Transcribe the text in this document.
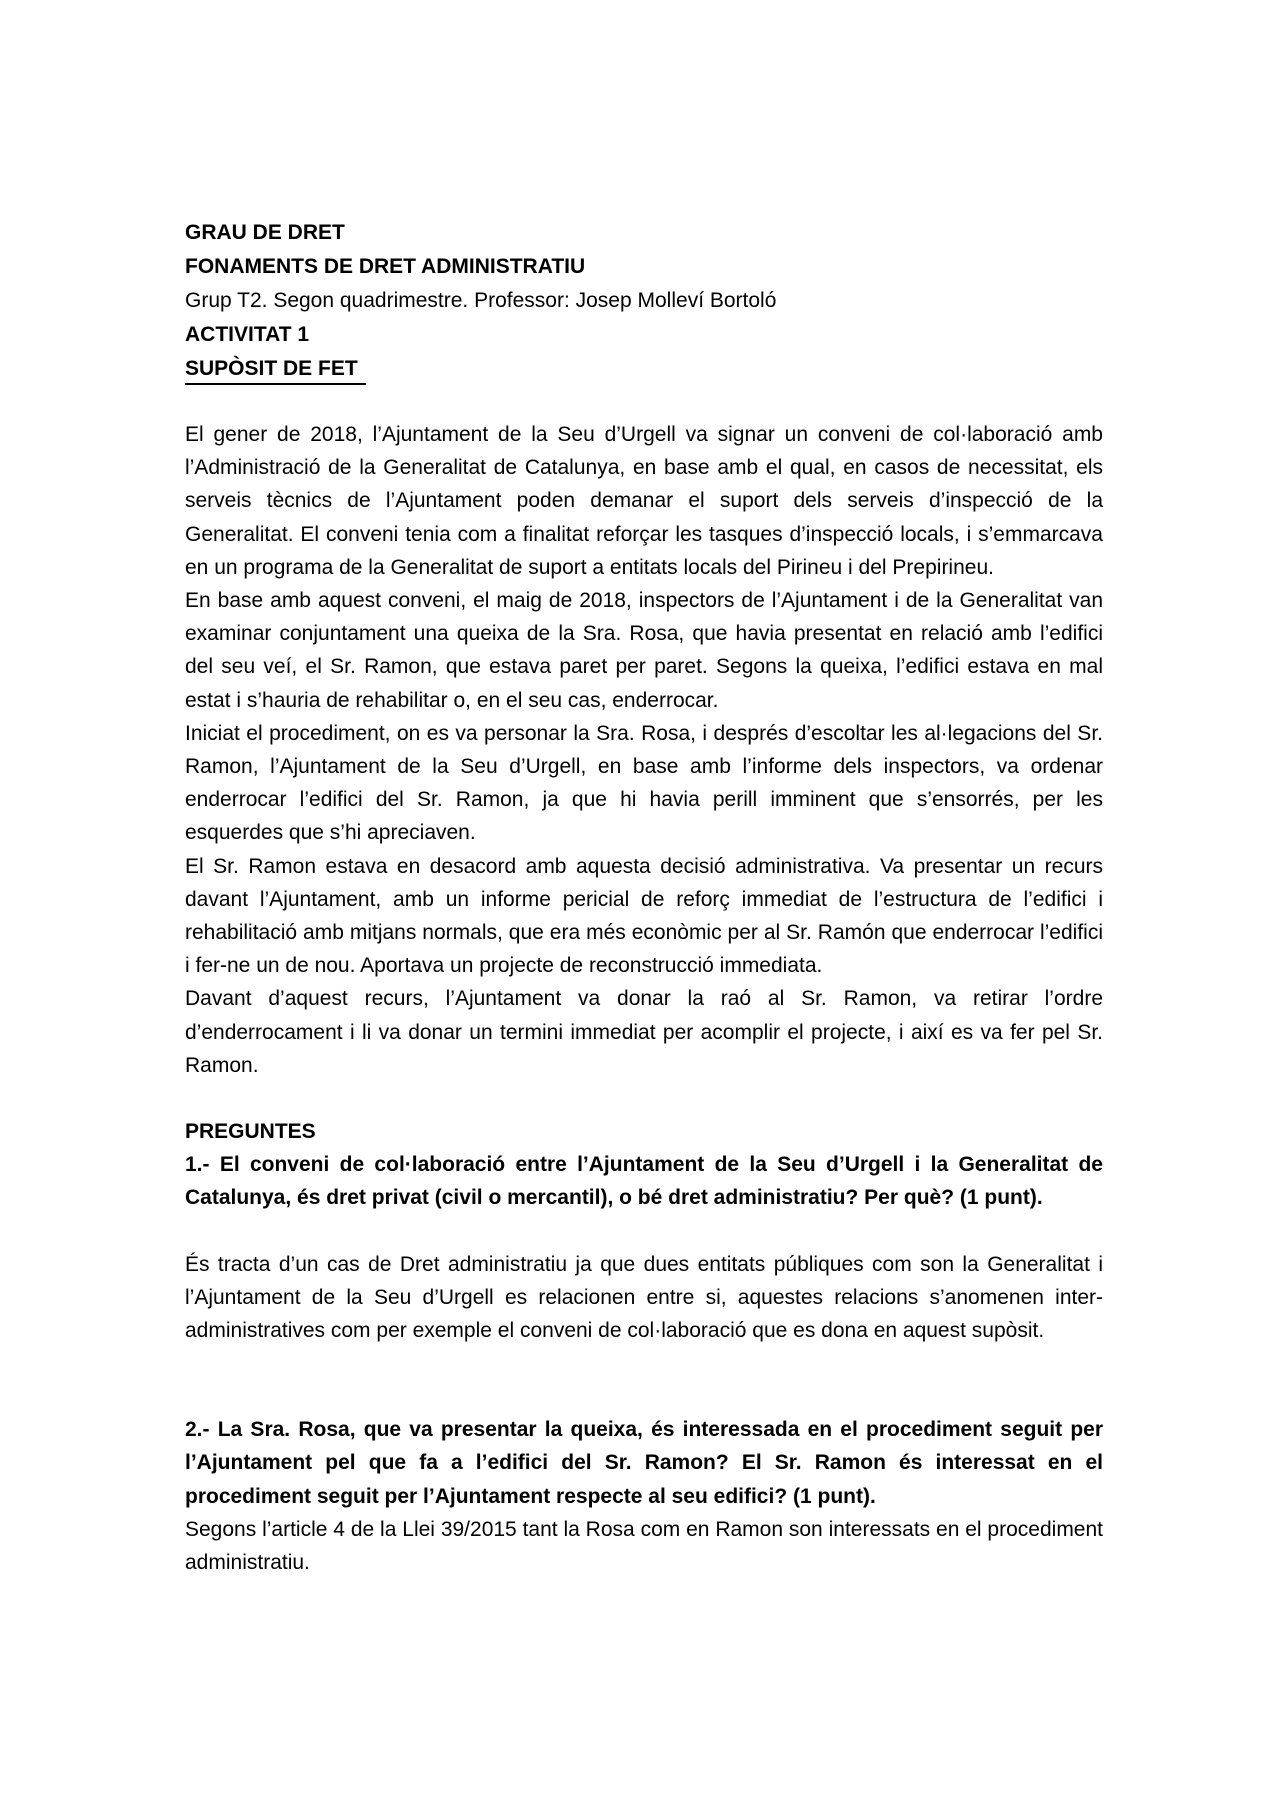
GRAU DE DRET
FONAMENTS DE DRET ADMINISTRATIU
Grup T2. Segon quadrimestre. Professor: Josep Molleví Bortoló
ACTIVITAT 1
SUPÒSIT DE FET

El gener de 2018, l’Ajuntament de la Seu d’Urgell va signar un conveni de col·laboració amb l’Administració de la Generalitat de Catalunya, en base amb el qual, en casos de necessitat, els serveis tècnics de l’Ajuntament poden demanar el suport dels serveis d’inspecció de la Generalitat. El conveni tenia com a finalitat reforçar les tasques d’inspecció locals, i s’emmarcava en un programa de la Generalitat de suport a entitats locals del Pirineu i del Prepirineu.

En base amb aquest conveni, el maig de 2018, inspectors de l’Ajuntament i de la Generalitat van examinar conjuntament una queixa de la Sra. Rosa, que havia presentat en relació amb l’edifici del seu veí, el Sr. Ramon, que estava paret per paret. Segons la queixa, l’edifici estava en mal estat i s’hauria de rehabilitar o, en el seu cas, enderrocar.

Iniciat el procediment, on es va personar la Sra. Rosa, i després d’escoltar les al·legacions del Sr. Ramon, l’Ajuntament de la Seu d’Urgell, en base amb l’informe dels inspectors, va ordenar enderrocar l’edifici del Sr. Ramon, ja que hi havia perill imminent que s’ensorrés, per les esquerdes que s’hi apreciaven.

El Sr. Ramon estava en desacord amb aquesta decisió administrativa. Va presentar un recurs davant l’Ajuntament, amb un informe pericial de reforç immediat de l’estructura de l’edifici i rehabilitació amb mitjans normals, que era més econòmic per al Sr. Ramón que enderrocar l’edifici i fer-ne un de nou. Aportava un projecte de reconstrucció immediata.

Davant d’aquest recurs, l’Ajuntament va donar la raó al Sr. Ramon, va retirar l’ordre d’enderrocament i li va donar un termini immediat per acomplir el projecte, i així es va fer pel Sr. Ramon.

PREGUNTES

1.- El conveni de col·laboració entre l’Ajuntament de la Seu d’Urgell i la Generalitat de Catalunya, és dret privat (civil o mercantil), o bé dret administratiu? Per què? (1 punt).

És tracta d’un cas de Dret administratiu ja que dues entitats públiques com son la Generalitat i l’Ajuntament de la Seu d’Urgell es relacionen entre si, aquestes relacions s’anomenen inter-administratives com per exemple el conveni de col·laboració que es dona en aquest supòsit.

2.- La Sra. Rosa, que va presentar la queixa, és interessada en el procediment seguit per l’Ajuntament pel que fa a l’edifici del Sr. Ramon? El Sr. Ramon és interessat en el procediment seguit per l’Ajuntament respecte al seu edifici? (1 punt).

Segons l’article 4 de la Llei 39/2015 tant la Rosa com en Ramon son interessats en el procediment administratiu.
